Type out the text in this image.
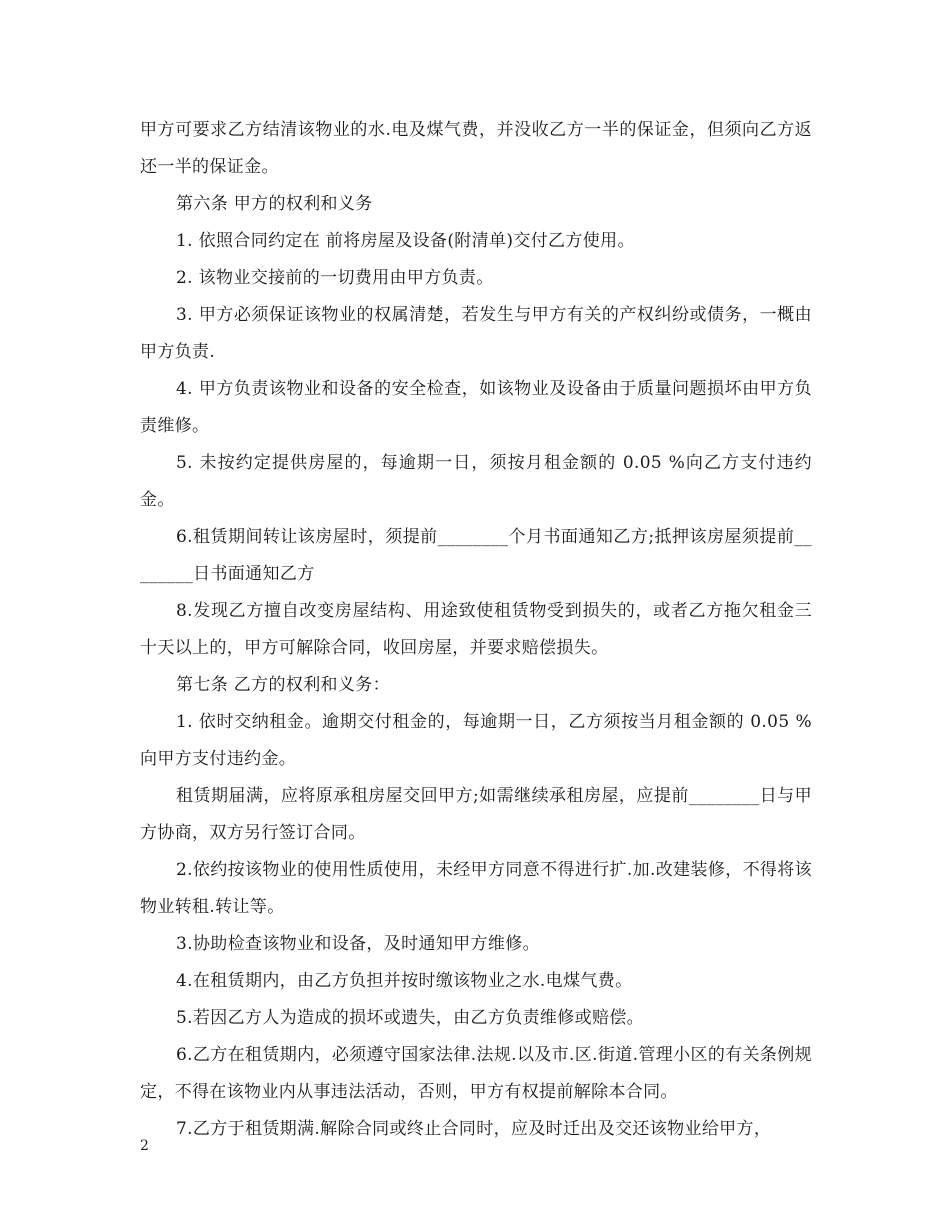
甲方可要求乙方结清该物业的水.电及煤气费，并没收乙方一半的保证金，但须向乙方返还一半的保证金。

第六条 甲方的权利和义务

1. 依照合同约定在 前将房屋及设备(附清单)交付乙方使用。

2. 该物业交接前的一切费用由甲方负责。

3. 甲方必须保证该物业的权属清楚，若发生与甲方有关的产权纠纷或债务，一概由甲方负责.

4. 甲方负责该物业和设备的安全检查，如该物业及设备由于质量问题损坏由甲方负责维修。

5. 未按约定提供房屋的，每逾期一日，须按月租金额的 0.05 %向乙方支付违约金。

6.租赁期间转让该房屋时，须提前________个月书面通知乙方;抵押该房屋须提前________日书面通知乙方

8.发现乙方擅自改变房屋结构、用途致使租赁物受到损失的，或者乙方拖欠租金三十天以上的，甲方可解除合同，收回房屋，并要求赔偿损失。

第七条 乙方的权利和义务：

1. 依时交纳租金。逾期交付租金的，每逾期一日，乙方须按当月租金额的 0.05 %向甲方支付违约金。

租赁期届满，应将原承租房屋交回甲方;如需继续承租房屋，应提前________日与甲方协商，双方另行签订合同。

2.依约按该物业的使用性质使用，未经甲方同意不得进行扩.加.改建装修，不得将该物业转租.转让等。

3.协助检查该物业和设备，及时通知甲方维修。

4.在租赁期内，由乙方负担并按时缴该物业之水.电煤气费。

5.若因乙方人为造成的损坏或遗失，由乙方负责维修或赔偿。

6.乙方在租赁期内，必须遵守国家法律.法规.以及市.区.街道.管理小区的有关条例规定，不得在该物业内从事违法活动，否则，甲方有权提前解除本合同。

7.乙方于租赁期满.解除合同或终止合同时，应及时迁出及交还该物业给甲方，

2
